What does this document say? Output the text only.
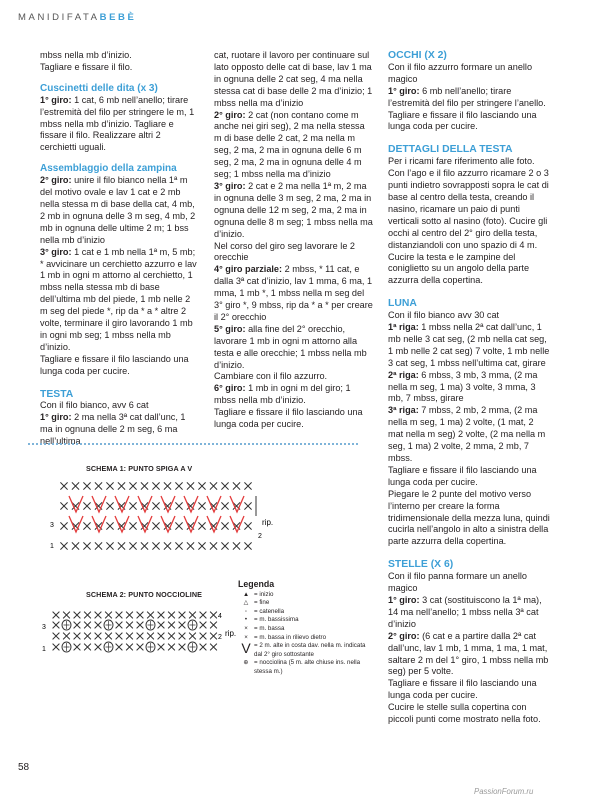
MANIDIFATABEBÈ

mbss nella mb d’inizio.

Tagliare e fissare il filo.

Cuscinetti delle dita (x 3)

1° giro: 1 cat, 6 mb nell’anello; tirare l’estremità del filo per stringere le m, 1 mbss nella mb d’inizio. Tagliare e fissare il filo. Realizzare altri 2 cerchietti uguali.

Assemblaggio della zampina

2° giro: unire il filo bianco nella 1ª m del motivo ovale e lav 1 cat e 2 mb nella stessa m di base della cat, 4 mb, 2 mb in ognuna delle 3 m seg, 4 mb, 2 mb in ognuna delle ultime 2 m; 1 bss nella mb d’inizio

3° giro: 1 cat e 1 mb nella 1ª m, 5 mb; * avvicinare un cerchietto azzurro e lav 1 mb in ogni m attorno al cerchietto, 1 mbss nella stessa mb di base dell’ultima mb del piede, 1 mb nelle 2 m seg del piede *, rip da * a * altre 2 volte, terminare il giro lavorando 1 mb in ogni mb seg; 1 mbss nella mb d’inizio.

Tagliare e fissare il filo lasciando una lunga coda per cucire.

TESTA

Con il filo bianco, avv 6 cat

1° giro: 2 ma nella 3ª cat dall’unc, 1 ma in ognuna delle 2 m seg, 6 ma nell’ultima

cat, ruotare il lavoro per continuare sul lato opposto delle cat di base, lav 1 ma in ognuna delle 2 cat seg, 4 ma nella stessa cat di base delle 2 ma d’inizio; 1 mbss nella ma d’inizio

2° giro: 2 cat (non contano come m anche nei giri seg), 2 ma nella stessa m di base delle 2 cat, 2 ma nella m seg, 2 ma, 2 ma in ognuna delle 6 m seg, 2 ma, 2 ma in ognuna delle 4 m seg; 1 mbss nella ma d’inizio

3° giro: 2 cat e 2 ma nella 1ª m, 2 ma in ognuna delle 3 m seg, 2 ma, 2 ma in ognuna delle 12 m seg, 2 ma, 2 ma in ognuna delle 8 m seg; 1 mbss nella ma d’inizio.

Nel corso del giro seg lavorare le 2 orecchie

4° giro parziale: 2 mbss, * 11 cat, e dalla 3ª cat d’inizio, lav 1 mma, 6 ma, 1 mma, 1 mb *, 1 mbss nella m seg del 3° giro *, 9 mbss, rip da * a * per creare il 2° orecchio

5° giro: alla fine del 2° orecchio, lavorare 1 mb in ogni m attorno alla testa e alle orecchie; 1 mbss nella mb d’inizio.

Cambiare con il filo azzurro.

6° giro: 1 mb in ogni m del giro; 1 mbss nella mb d’inizio.

Tagliare e fissare il filo lasciando una lunga coda per cucire.

OCCHI (X 2)

Con il filo azzurro formare un anello magico

1° giro: 6 mb nell’anello; tirare l’estremità del filo per stringere l’anello.

Tagliare e fissare il filo lasciando una lunga coda per cucire.

DETTAGLI DELLA TESTA

Per i ricami fare riferimento alle foto. Con l’ago e il filo azzurro ricamare 2 o 3 punti indietro sovrapposti sopra le cat di base al centro della testa, creando il nasino, ricamare un paio di punti verticali sotto al nasino (foto). Cucire gli occhi al centro del 2° giro della testa, distanziandoli con uno spazio di 4 m.

Cucire la testa e le zampine del coniglietto su un angolo della parte azzurra della copertina.

LUNA

Con il filo bianco avv 30 cat

1ª riga: 1 mbss nella 2ª cat dall’unc, 1 mb nelle 3 cat seg, (2 mb nella cat seg, 1 mb nelle 2 cat seg) 7 volte, 1 mb nelle 3 cat seg, 1 mbss nell’ultima cat, girare

2ª riga: 6 mbss, 3 mb, 3 mma, (2 ma nella m seg, 1 ma) 3 volte, 3 mma, 3 mb, 7 mbss, girare

3ª riga: 7 mbss, 2 mb, 2 mma, (2 ma nella m seg, 1 ma) 2 volte, (1 mat, 2 mat nella m seg) 2 volte, (2 ma nella m seg, 1 ma) 2 volte, 2 mma, 2 mb, 7 mbss.

Tagliare e fissare il filo lasciando una lunga coda per cucire.

Piegare le 2 punte del motivo verso l’interno per creare la forma tridimensionale della mezza luna, quindi cucirla nell’angolo in alto a sinistra della parte azzurra della copertina.

STELLE (X 6)

Con il filo panna formare un anello magico

1° giro: 3 cat (sostituiscono la 1ª ma), 14 ma nell’anello; 1 mbss nella 3ª cat d’inizio

2° giro: (6 cat e a partire dalla 2ª cat dall’unc, lav 1 mb, 1 mma, 1 ma, 1 mat, saltare 2 m del 1° giro, 1 mbss nella mb seg) per 5 volte.

Tagliare e fissare il filo lasciando una lunga coda per cucire.

Cucire le stelle sulla copertina con piccoli punti come mostrato nella foto.

SCHEMA 1: PUNTO SPIGA A V
3
2
1
rip.
SCHEMA 2: PUNTO NOCCIOLINE
4
3
2
1
rip.
Legenda
▲ = inizio
△ = fine
◦	= catenella
•	= m. bassissima
× = m. bassa
× = m. bassa in rilievo dietro
V = 2 m. alte in costa dav. nella m. indicata dal 2° giro sottostante
⊕ = nocciolina (5 m. alte chiuse ins. nella stessa m.)
58
PassionForum.ru
